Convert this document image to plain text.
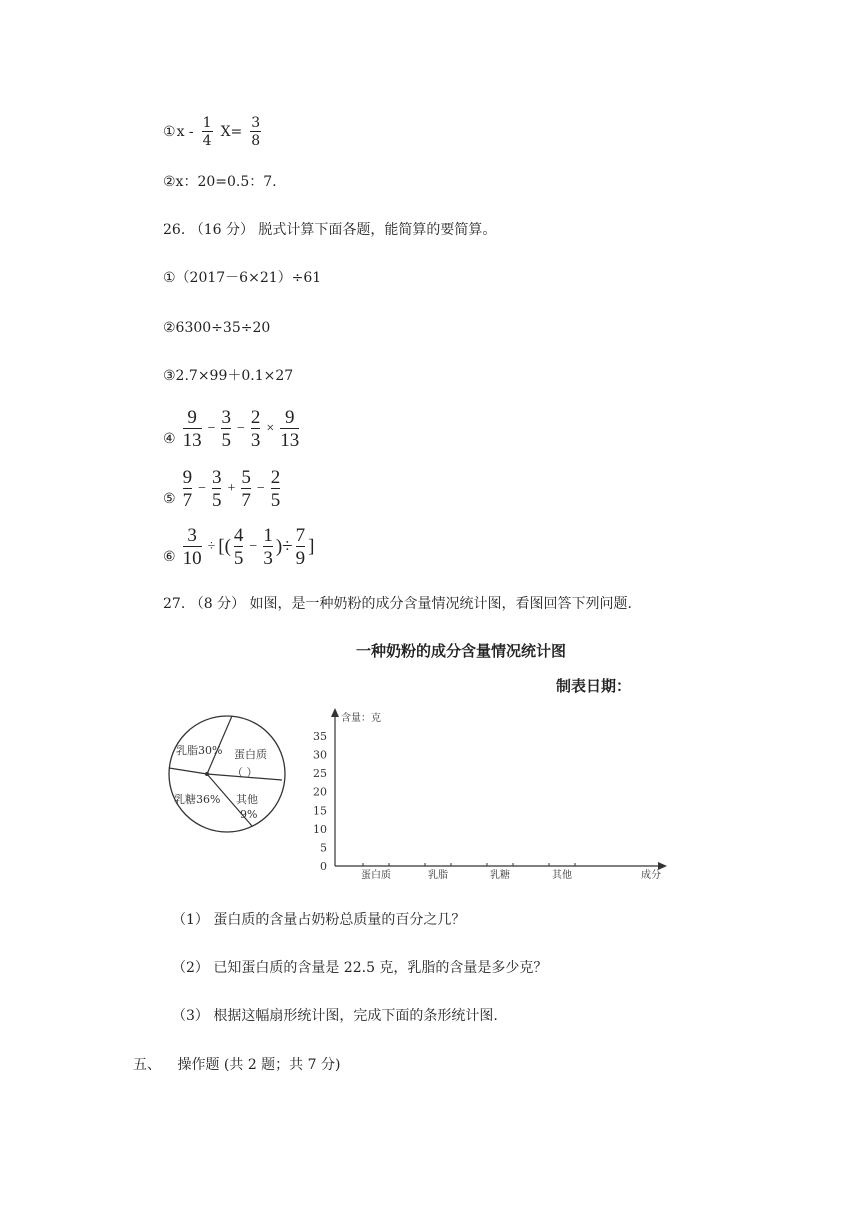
① $x - \frac{1}{4} X= \frac{3}{8}$
②x：20=0.5：7.
26. （16 分） 脱式计算下面各题，能简算的要简算。
①（2017－6×21）÷61
②6300÷35÷20
③2.7×99＋0.1×27
④ $\frac{9}{13} - \frac{3}{5} - \frac{2}{3} \times \frac{9}{13}$
⑤ $\frac{9}{7} - \frac{3}{5} + \frac{5}{7} - \frac{2}{5}$
⑥ $\frac{3}{10}$ ÷ [( $\frac{4}{5} - \frac{1}{3}$ )÷ $\frac{7}{9}$ ]
27. （8 分） 如图，是一种奶粉的成分含量情况统计图，看图回答下列问题.
一种奶粉的成分含量情况统计图
制表日期：
乳脂30% 蛋白质
（ ）
乳糖36% 其他
9%
含量：克
成分
0
5
10
15
20
25
30
35
蛋白质	乳脂	乳糖	其他
（1） 蛋白质的含量占奶粉总质量的百分之几？
（2） 已知蛋白质的含量是 22.5 克，乳脂的含量是多少克？
（3） 根据这幅扇形统计图，完成下面的条形统计图.
五、 操作题 (共 2 题；共 7 分)
